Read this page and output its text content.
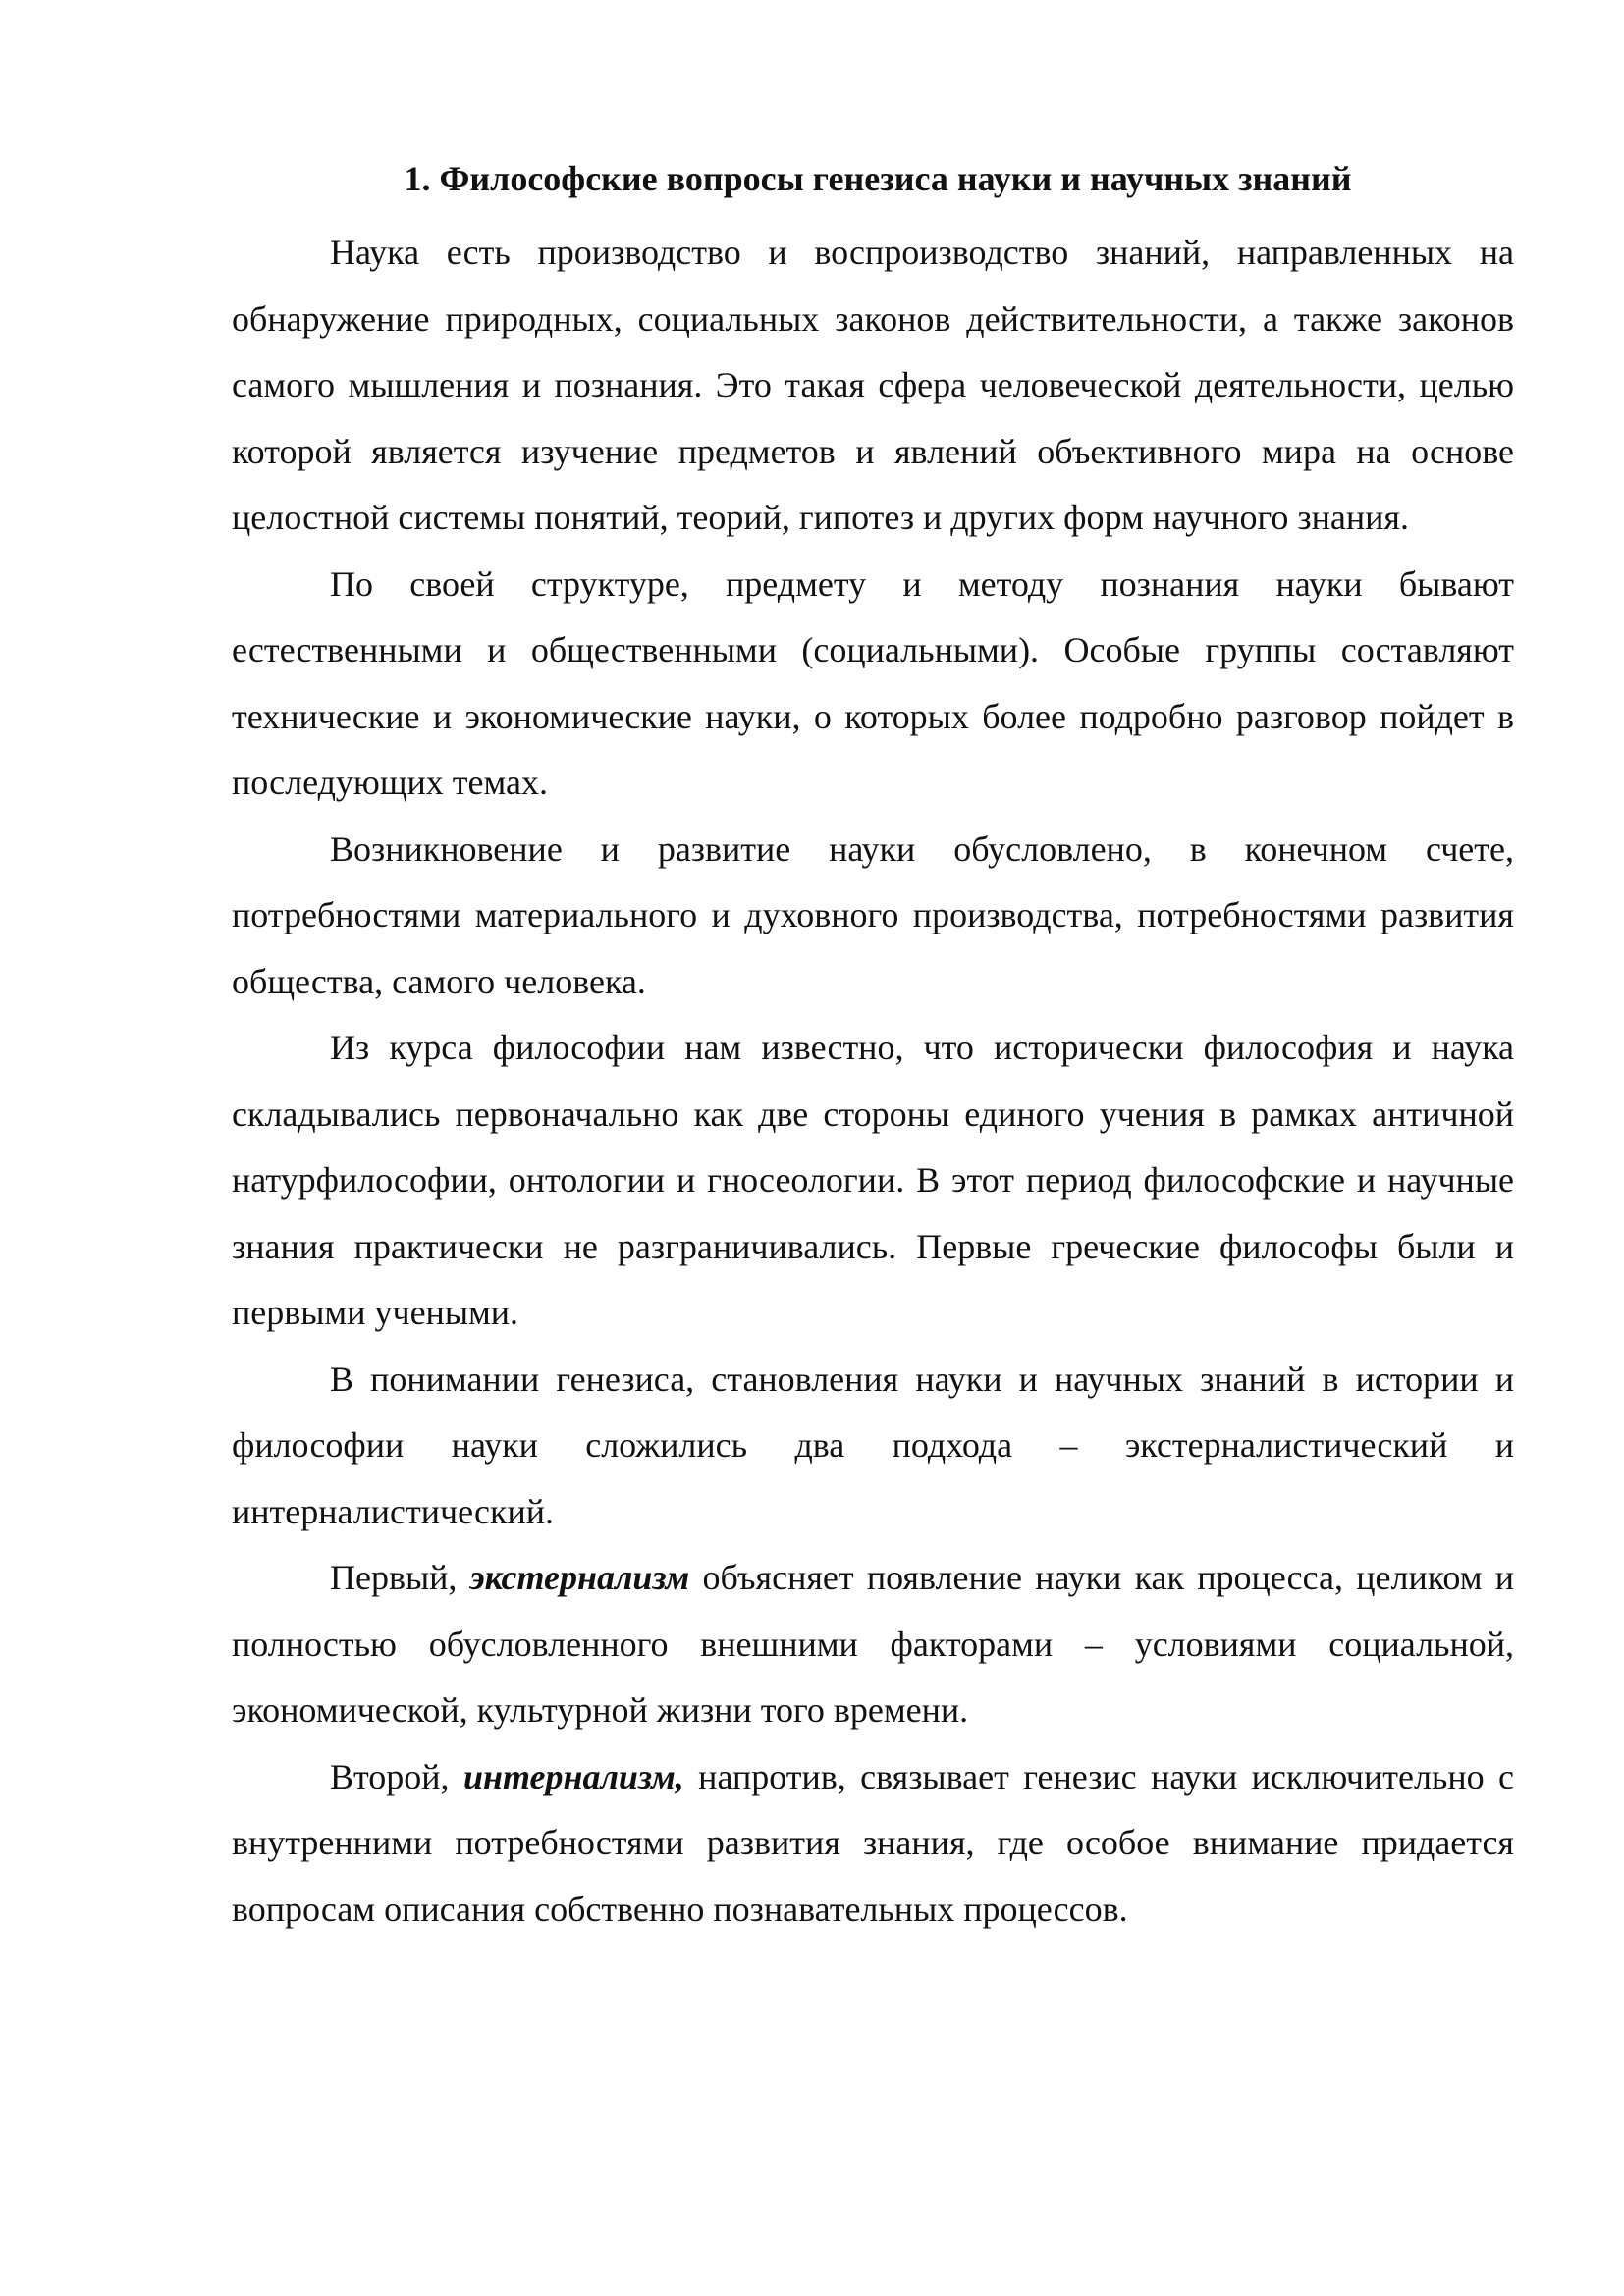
1. Философские вопросы генезиса науки и научных знаний

Наука есть производство и воспроизводство знаний, направленных на обнаружение природных, социальных законов действительности, а также законов самого мышления и познания. Это такая сфера человеческой деятельности, целью которой является изучение предметов и явлений объективного мира на основе целостной системы понятий, теорий, гипотез и других форм научного знания.

По своей структуре, предмету и методу познания науки бывают естественными и общественными (социальными). Особые группы составляют технические и экономические науки, о которых более подробно разговор пойдет в последующих темах.

Возникновение и развитие науки обусловлено, в конечном счете, потребностями материального и духовного производства, потребностями развития общества, самого человека.

Из курса философии нам известно, что исторически философия и наука складывались первоначально как две стороны единого учения в рамках античной натурфилософии, онтологии и гносеологии. В этот период философские и научные знания практически не разграничивались. Первые греческие философы были и первыми учеными.

В понимании генезиса, становления науки и научных знаний в истории и философии науки сложились два подхода – экстерналистический и интерналистический.

Первый, экстернализм объясняет появление науки как процесса, целиком и полностью обусловленного внешними факторами – условиями социальной, экономической, культурной жизни того времени.

Второй, интернализм, напротив, связывает генезис науки исключительно с внутренними потребностями развития знания, где особое внимание придается вопросам описания собственно познавательных процессов.
